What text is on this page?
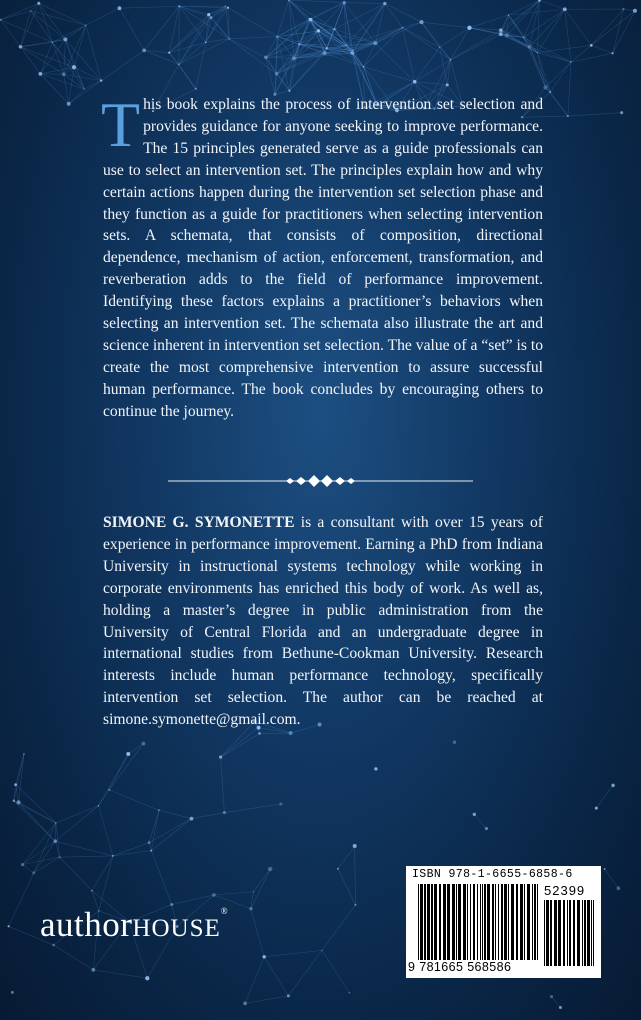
This book explains the process of intervention set selection and provides guidance for anyone seeking to improve performance. The 15 principles generated serve as a guide professionals can use to select an intervention set. The principles explain how and why certain actions happen during the intervention set selection phase and they function as a guide for practitioners when selecting intervention sets. A schemata, that consists of composition, directional dependence, mechanism of action, enforcement, transformation, and reverberation adds to the field of performance improvement. Identifying these factors explains a practitioner’s behaviors when selecting an intervention set. The schemata also illustrate the art and science inherent in intervention set selection. The value of a “set” is to create the most comprehensive intervention to assure successful human performance. The book concludes by encouraging others to continue the journey.
SIMONE G. SYMONETTE is a consultant with over 15 years of experience in performance improvement. Earning a PhD from Indiana University in instructional systems technology while working in corporate environments has enriched this body of work. As well as, holding a master’s degree in public administration from the University of Central Florida and an undergraduate degree in international studies from Bethune-Cookman University. Research interests include human performance technology, specifically intervention set selection. The author can be reached at simone.symonette@gmail.com.
authorHOUSE®
ISBN 978-1-6655-6858-6
52399
9 781665 568586
